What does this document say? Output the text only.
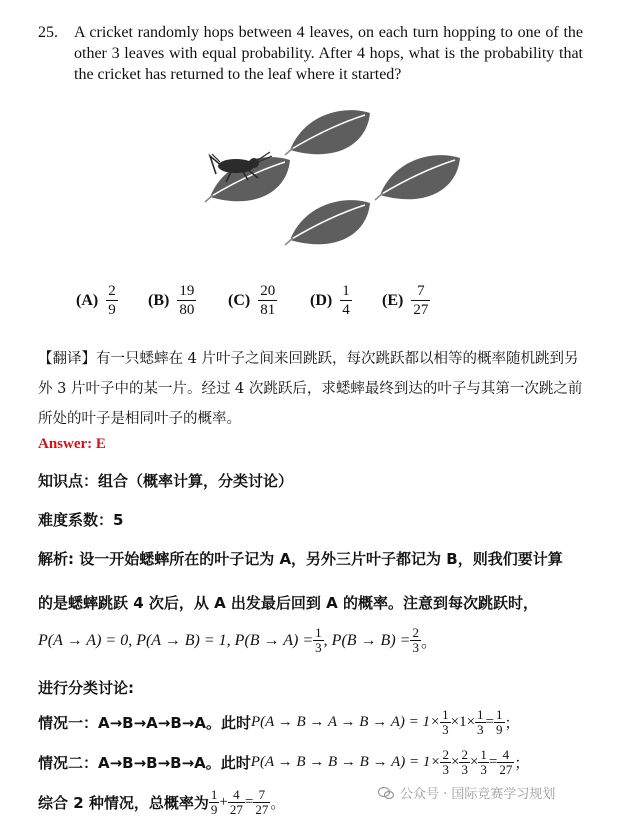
25. A cricket randomly hops between 4 leaves, on each turn hopping to one of the other 3 leaves with equal probability. After 4 hops, what is the probability that the cricket has returned to the leaf where it started?
$(A) \frac{2}{9} (B) \frac{19}{80} (C) \frac{20}{81} (D) \frac{1}{4} (E) \frac{7}{27}$
【翻译】有一只蟋蟀在 4 片叶子之间来回跳跃，每次跳跃都以相等的概率随机跳到另外 3 片叶子中的某一片。经过 4 次跳跃后，求蟋蟀最终到达的叶子与其第一次跳之前所处的叶子是相同叶子的概率。
Answer: E
知识点：组合（概率计算，分类讨论）
难度系数：5
解析: 设一开始蟋蟀所在的叶子记为 A，另外三片叶子都记为 B，则我们要计算
的是蟋蟀跳跃 4 次后，从 A 出发最后回到 A 的概率。注意到每次跳跃时，
P(A → A) = 0, P(A → B) = 1, $P(B \to A) = \frac{1}{3}$ , $P(B \to B) = \frac{2}{3}$ 。
进行分类讨论:
情况一：A→B→A→B→A。此时 $P(A \to B \to A \to B \to A) = 1\times \frac{1}{3} \times 1\times \frac{1}{3} = \frac{1}{9}$ ；
情况二：A→B→B→B→A。此时 $P(A \to B \to B \to B \to A) = 1\times \frac{2}{3} \times \frac{2}{3} \times \frac{1}{3} = \frac{4}{27}$ ；
综合 2 种情况，总概率为 $\frac{1}{9} + \frac{4}{27} = \frac{7}{27}$ 。	公众号 · 国际竞赛学习规划
